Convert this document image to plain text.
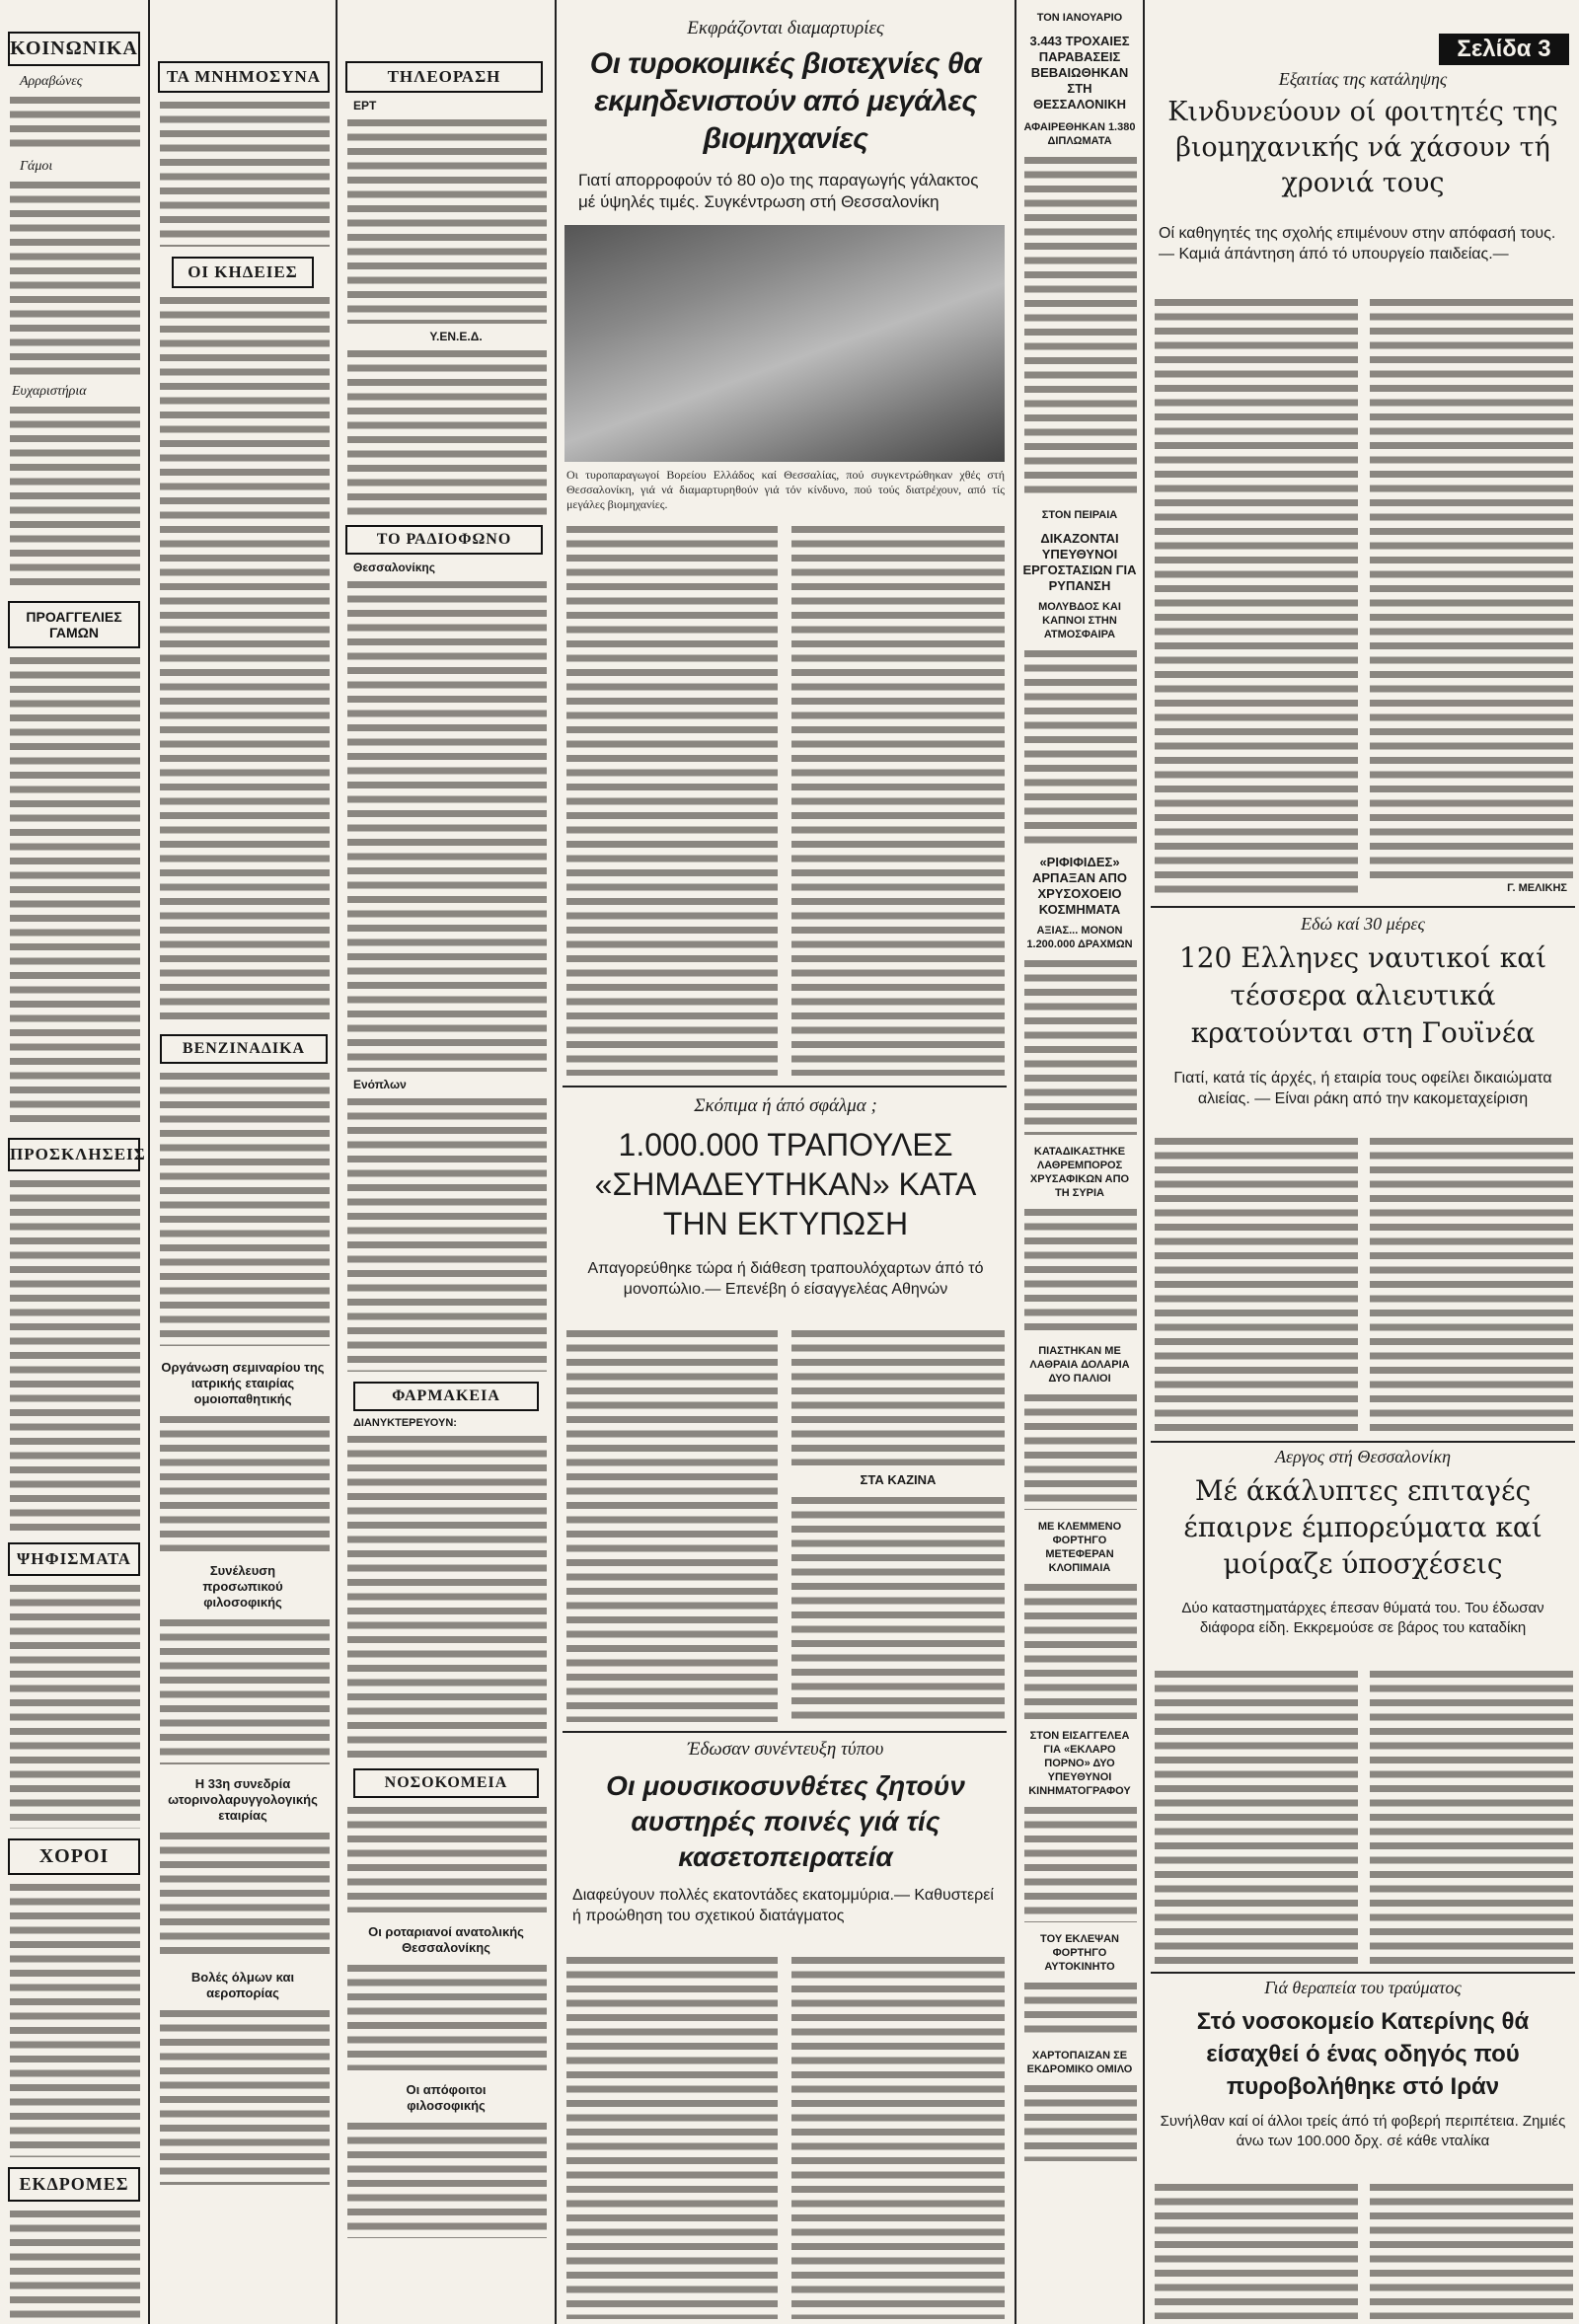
ΚΟΙΝΩΝΙΚΑ
Αρραβώνες
Γάμοι
Ευχαριστήρια
ΠΡΟΑΓΓΕΛΙΕΣ ΓΑΜΩΝ
ΠΡΟΣΚΛΗΣΕΙΣ
ΨΗΦΙΣΜΑΤΑ
ΧΟΡΟΙ
ΕΚΔΡΟΜΕΣ
ΤΑ ΜΝΗΜΟΣΥΝΑ
ΟΙ ΚΗΔΕΙΕΣ
ΒΕΝΖΙΝΑΔΙΚΑ
Οργάνωση σεμιναρίου της ιατρικής εταιρίας ομοιοπαθητικής
Συνέλευση προσωπικού φιλοσοφικής
Η 33η συνεδρία ωτορινολαρυγγολογικής εταιρίας
Βολές όλμων και αεροπορίας
ΤΗΛΕΟΡΑΣΗ
ΕΡΤ
Υ.ΕΝ.Ε.Δ.
ΤΟ ΡΑΔΙΟΦΩΝΟ
Θεσσαλονίκης
Ενόπλων
ΦΑΡΜΑΚΕΙΑ
ΔΙΑΝΥΚΤΕΡΕΥΟΥΝ:
ΝΟΣΟΚΟΜΕΙΑ
Οι ροταριανοί ανατολικής Θεσσαλονίκης
Οι απόφοιτοι φιλοσοφικής
Εκφράζονται διαμαρτυρίες
Οι τυροκομικές βιοτεχνίες θα εκμηδενιστούν από μεγάλες βιομηχανίες
Γιατί απορροφούν τό 80 ο)ο της παραγωγής γάλακτος μέ ύψηλές τιμές. Συγκέντρωση στή Θεσσαλονίκη
Οι τυροπαραγωγοί Βορείου Ελλάδος καί Θεσσαλίας, πού συγκεντρώθηκαν χθές στή Θεσσαλονίκη, γιά νά διαμαρτυρηθούν γιά τόν κίνδυνο, πού τούς διατρέχουν, από τίς μεγάλες βιομηχανίες.
Σκόπιμα ή άπό σφάλμα ;
1.000.000 ΤΡΑΠΟΥΛΕΣ «ΣΗΜΑΔΕΥΤΗΚΑΝ» ΚΑΤΑ ΤΗΝ ΕΚΤΥΠΩΣΗ
Απαγορεύθηκε τώρα ή διάθεση τραπουλόχαρτων άπό τό μονοπώλιο.— Επενέβη ό είσαγγελέας Αθηνών
ΣΤΑ ΚΑΖΙΝΑ
Έδωσαν συνέντευξη τύπου
Οι μουσικοσυνθέτες ζητούν αυστηρές ποινές γιά τίς κασετοπειρατεία
Διαφεύγουν πολλές εκατοντάδες εκατομμύρια.— Καθυστερεί ή προώθηση του σχετικού διατάγματος
ΤΟΝ ΙΑΝΟΥΑΡΙΟ
3.443 ΤΡΟΧΑΙΕΣ ΠΑΡΑΒΑΣΕΙΣ ΒΕΒΑΙΩΘΗΚΑΝ ΣΤΗ ΘΕΣΣΑΛΟΝΙΚΗ
ΑΦΑΙΡΕΘΗΚΑΝ 1.380 ΔΙΠΛΩΜΑΤΑ
ΣΤΟΝ ΠΕΙΡΑΙΑ
ΔΙΚΑΖΟΝΤΑΙ ΥΠΕΥΘΥΝΟΙ ΕΡΓΟΣΤΑΣΙΩΝ ΓΙΑ ΡΥΠΑΝΣΗ
ΜΟΛΥΒΔΟΣ ΚΑΙ ΚΑΠΝΟΙ ΣΤΗΝ ΑΤΜΟΣΦΑΙΡΑ
«ΡΙΦΙΦΙΔΕΣ» ΑΡΠΑΞΑΝ ΑΠΟ ΧΡΥΣΟΧΟΕΙΟ ΚΟΣΜΗΜΑΤΑ
ΑΞΙΑΣ... ΜΟΝΟΝ 1.200.000 ΔΡΑΧΜΩΝ
ΚΑΤΑΔΙΚΑΣΤΗΚΕ ΛΑΘΡΕΜΠΟΡΟΣ ΧΡΥΣΑΦΙΚΩΝ ΑΠΟ ΤΗ ΣΥΡΙΑ
ΠΙΑΣΤΗΚΑΝ ΜΕ ΛΑΘΡΑΙΑ ΔΟΛΑΡΙΑ ΔΥΟ ΠΑΛΙΟΙ
ΜΕ ΚΛΕΜΜΕΝΟ ΦΟΡΤΗΓΟ ΜΕΤΕΦΕΡΑΝ ΚΛΟΠΙΜΑΙΑ
ΣΤΟΝ ΕΙΣΑΓΓΕΛΕΑ ΓΙΑ «ΕΚΛΑΡΟ ΠΟΡΝΟ» ΔΥΟ ΥΠΕΥΘΥΝΟΙ ΚΙΝΗΜΑΤΟΓΡΑΦΟΥ
ΤΟΥ ΕΚΛΕΨΑΝ ΦΟΡΤΗΓΟ ΑΥΤΟΚΙΝΗΤΟ
ΧΑΡΤΟΠΑΙΖΑΝ ΣΕ ΕΚΔΡΟΜΙΚΟ ΟΜΙΛΟ
Σελίδα 3
Εξαιτίας της κατάληψης
Κινδυνεύουν οί φοιτητές της βιομηχανικής νά χάσουν τή χρονιά τους
Οί καθηγητές της σχολής επιμένουν στην απόφασή τους.— Καμιά άπάντηση άπό τό υπουργείο παιδείας.—
Γ. ΜΕΛΙΚΗΣ
Εδώ καί 30 μέρες
120 Ελληνες ναυτικοί καί τέσσερα αλιευτικά κρατούνται στη Γουϊνέα
Γιατί, κατά τίς άρχές, ή εταιρία τους οφείλει δικαιώματα αλιείας. — Είναι ράκη από την κακομεταχείριση
Αεργος στή Θεσσαλονίκη
Μέ άκάλυπτες επιταγές έπαιρνε έμπορεύματα καί μοίραζε ύποσχέσεις
Δύο καταστηματάρχες έπεσαν θύματά του. Του έδωσαν διάφορα είδη. Εκκρεμούσε σε βάρος του καταδίκη
Γιά θεραπεία του τραύματος
Στό νοσοκομείο Κατερίνης θά είσαχθεί ό ένας οδηγός πού πυροβολήθηκε στό Ιράν
Συνήλθαν καί οί άλλοι τρείς άπό τή φοβερή περιπέτεια. Ζημιές άνω των 100.000 δρχ. σέ κάθε νταλίκα
